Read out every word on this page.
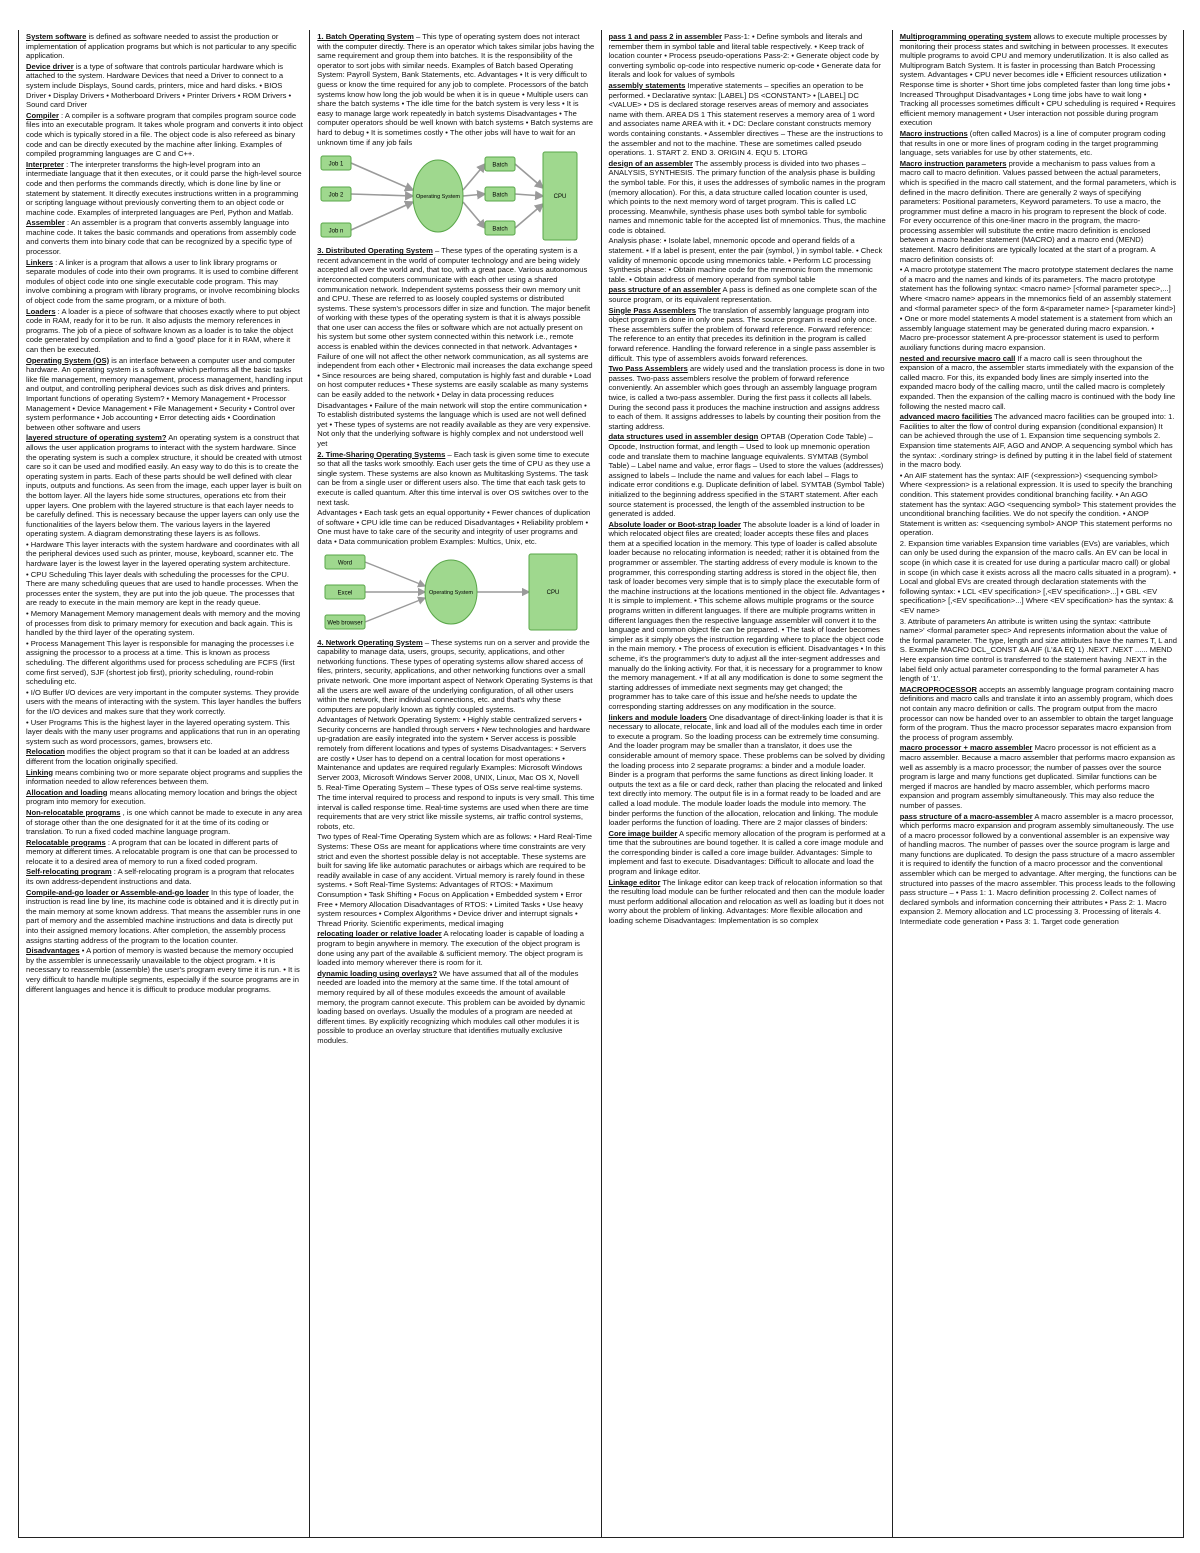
System software is defined as software needed to assist the production or implementation of application programs but which is not particular to any specific application.

Device driver is a type of software that controls particular hardware which is attached to the system. Hardware Devices that need a Driver to connect to a system include Displays, Sound cards, printers, mice and hard disks. • BIOS Driver • Display Drivers • Motherboard Drivers • Printer Drivers • ROM Drivers • Sound card Driver

Compiler : A compiler is a software program that compiles program source code files into an executable program. It takes whole program and converts it into object code which is typically stored in a file. The object code is also refereed as binary code and can be directly executed by the machine after linking. Examples of compiled programming languages are C and C++.

Interpreter : The interpreter transforms the high-level program into an intermediate language that it then executes, or it could parse the high-level source code and then performs the commands directly, which is done line by line or statement by statement. It directly executes instructions written in a programming or scripting language without previously converting them to an object code or machine code. Examples of interpreted languages are Perl, Python and Matlab.

Assembler : An assembler is a program that converts assembly language into machine code. It takes the basic commands and operations from assembly code and converts them into binary code that can be recognized by a specific type of processor.

Linkers : A linker is a program that allows a user to link library programs or separate modules of code into their own programs. It is used to combine different modules of object code into one single executable code program. This may involve combining a program with library programs, or involve recombining blocks of object code from the same program, or a mixture of both.

Loaders : A loader is a piece of software that chooses exactly where to put object code in RAM, ready for it to be run. It also adjusts the memory references in programs. The job of a piece of software known as a loader is to take the object code generated by compilation and to find a 'good' place for it in RAM, where it can then be executed.

Operating System (OS) is an interface between a computer user and computer hardware. An operating system is a software which performs all the basic tasks like file management, memory management, process management, handling input and output, and controlling peripheral devices such as disk drives and printers. Important functions of operating System? • Memory Management • Processor Management • Device Management • File Management • Security • Control over system performance • Job accounting • Error detecting aids • Coordination between other software and users

layered structure of operating system? An operating system is a construct that allows the user application programs to interact with the system hardware. Since the operating system is such a complex structure, it should be created with utmost care so it can be used and modified easily. An easy way to do this is to create the operating system in parts. Each of these parts should be well defined with clear inputs, outputs and functions. As seen from the image, each upper layer is built on the bottom layer. All the layers hide some structures, operations etc from their upper layers. One problem with the layered structure is that each layer needs to be carefully defined. This is necessary because the upper layers can only use the functionalities of the layers below them. The various layers in the layered operating system. A diagram demonstrating these layers is as follows.

• Hardware This layer interacts with the system hardware and coordinates with all the peripheral devices used such as printer, mouse, keyboard, scanner etc. The hardware layer is the lowest layer in the layered operating system architecture.

• CPU Scheduling This layer deals with scheduling the processes for the CPU. There are many scheduling queues that are used to handle processes. When the processes enter the system, they are put into the job queue. The processes that are ready to execute in the main memory are kept in the ready queue.

• Memory Management Memory management deals with memory and the moving of processes from disk to primary memory for execution and back again. This is handled by the third layer of the operating system.

• Process Management This layer is responsible for managing the processes i.e assigning the processor to a process at a time. This is known as process scheduling. The different algorithms used for process scheduling are FCFS (first come first served), SJF (shortest job first), priority scheduling, round-robin scheduling etc.

• I/O Buffer I/O devices are very important in the computer systems. They provide users with the means of interacting with the system. This layer handles the buffers for the I/O devices and makes sure that they work correctly.

• User Programs This is the highest layer in the layered operating system. This layer deals with the many user programs and applications that run in an operating system such as word processors, games, browsers etc.

Relocation modifies the object program so that it can be loaded at an address different from the location originally specified.

Linking means combining two or more separate object programs and supplies the information needed to allow references between them.

Allocation and loading means allocating memory location and brings the object program into memory for execution.

Non-relocatable programs , is one which cannot be made to execute in any area of storage other than the one designated for it at the time of its coding or translation. To run a fixed coded machine language program.

Relocatable programs : A program that can be located in different parts of memory at different times. A relocatable program is one that can be processed to relocate it to a desired area of memory to run a fixed coded program.

Self-relocating program : A self-relocating program is a program that relocates its own address-dependent instructions and data.

Compile-and-go loader or Assemble-and-go loader In this type of loader, the instruction is read line by line, its machine code is obtained and it is directly put in the main memory at some known address. That means the assembler runs in one part of memory and the assembled machine instructions and data is directly put into their assigned memory locations. After completion, the assembly process assigns starting address of the program to the location counter.

Disadvantages • A portion of memory is wasted because the memory occupied by the assembler is unnecessarily unavailable to the object program. • It is necessary to reassemble (assemble) the user's program every time it is run. • It is very difficult to handle multiple segments, especially if the source programs are in different languages and hence it is difficult to produce modular programs.

1. Batch Operating System – This type of operating system does not interact with the computer directly. There is an operator which takes similar jobs having the same requirement and group them into batches. It is the responsibility of the operator to sort jobs with similar needs. Examples of Batch based Operating System: Payroll System, Bank Statements, etc. Advantages • It is very difficult to guess or know the time required for any job to complete. Processors of the batch systems know how long the job would be when it is in queue • Multiple users can share the batch systems • The idle time for the batch system is very less • It is easy to manage large work repeatedly in batch systems Disadvantages • The computer operators should be well known with batch systems • Batch systems are hard to debug • It is sometimes costly • The other jobs will have to wait for an unknown time if any job fails

Job 1
Job 2
Job n
Operating System
Batch
Batch
Batch
CPU

3. Distributed Operating System – These types of the operating system is a recent advancement in the world of computer technology and are being widely accepted all over the world and, that too, with a great pace. Various autonomous interconnected computers communicate with each other using a shared communication network. Independent systems possess their own memory unit and CPU. These are referred to as loosely coupled systems or distributed systems. These system's processors differ in size and function. The major benefit of working with these types of the operating system is that it is always possible that one user can access the files or software which are not actually present on his system but some other system connected within this network i.e., remote access is enabled within the devices connected in that network. Advantages • Failure of one will not affect the other network communication, as all systems are independent from each other • Electronic mail increases the data exchange speed • Since resources are being shared, computation is highly fast and durable • Load on host computer reduces • These systems are easily scalable as many systems can be easily added to the network • Delay in data processing reduces

Disadvantages • Failure of the main network will stop the entire communication • To establish distributed systems the language which is used are not well defined yet • These types of systems are not readily available as they are very expensive. Not only that the underlying software is highly complex and not understood well yet

2. Time-Sharing Operating Systems – Each task is given some time to execute so that all the tasks work smoothly. Each user gets the time of CPU as they use a single system. These systems are also known as Multitasking Systems. The task can be from a single user or different users also. The time that each task gets to execute is called quantum. After this time interval is over OS switches over to the next task.

Advantages • Each task gets an equal opportunity • Fewer chances of duplication of software • CPU idle time can be reduced Disadvantages • Reliability problem • One must have to take care of the security and integrity of user programs and data • Data communication problem Examples: Multics, Unix, etc.

Word
Excel
Web browser
Operating System	CPU

4. Network Operating System – These systems run on a server and provide the capability to manage data, users, groups, security, applications, and other networking functions. These types of operating systems allow shared access of files, printers, security, applications, and other networking functions over a small private network. One more important aspect of Network Operating Systems is that all the users are well aware of the underlying configuration, of all other users within the network, their individual connections, etc. and that's why these computers are popularly known as tightly coupled systems.

Advantages of Network Operating System: • Highly stable centralized servers • Security concerns are handled through servers • New technologies and hardware up-gradation are easily integrated into the system • Server access is possible remotely from different locations and types of systems Disadvantages: • Servers are costly • User has to depend on a central location for most operations • Maintenance and updates are required regularly Examples: Microsoft Windows Server 2003, Microsoft Windows Server 2008, UNIX, Linux, Mac OS X, Novell

5. Real-Time Operating System – These types of OSs serve real-time systems. The time interval required to process and respond to inputs is very small. This time interval is called response time. Real-time systems are used when there are time requirements that are very strict like missile systems, air traffic control systems, robots, etc.

Two types of Real-Time Operating System which are as follows: • Hard Real-Time Systems: These OSs are meant for applications where time constraints are very strict and even the shortest possible delay is not acceptable. These systems are built for saving life like automatic parachutes or airbags which are required to be readily available in case of any accident. Virtual memory is rarely found in these systems. • Soft Real-Time Systems: Advantages of RTOS: • Maximum Consumption • Task Shifting • Focus on Application • Embedded system • Error Free • Memory Allocation Disadvantages of RTOS: • Limited Tasks • Use heavy system resources • Complex Algorithms • Device driver and interrupt signals • Thread Priority. Scientific experiments, medical imaging

relocating loader or relative loader A relocating loader is capable of loading a program to begin anywhere in memory. The execution of the object program is done using any part of the available & sufficient memory. The object program is loaded into memory wherever there is room for it.

dynamic loading using overlays? We have assumed that all of the modules needed are loaded into the memory at the same time. If the total amount of memory required by all of these modules exceeds the amount of available memory, the program cannot execute. This problem can be avoided by dynamic loading based on overlays. Usually the modules of a program are needed at different times. By explicitly recognizing which modules call other modules it is possible to produce an overlay structure that identifies mutually exclusive modules.

pass 1 and pass 2 in assembler Pass-1: • Define symbols and literals and remember them in symbol table and literal table respectively. • Keep track of location counter • Process pseudo-operations Pass-2: • Generate object code by converting symbolic op-code into respective numeric op-code • Generate data for literals and look for values of symbols

assembly statements Imperative statements – specifies an operation to be performed. • Declarative syntax: [LABEL] DS <CONSTANT> • [LABEL] DC <VALUE> • DS is declared storage reserves areas of memory and associates name with them. AREA DS 1 This statement reserves a memory area of 1 word and associates name AREA with it. • DC: Declare constant constructs memory words containing constants. • Assembler directives – These are the instructions to the assembler and not to the machine. These are sometimes called pseudo operations. 1. START 2. END 3. ORIGIN 4. EQU 5. LTORG

design of an assembler The assembly process is divided into two phases – ANALYSIS, SYNTHESIS. The primary function of the analysis phase is building the symbol table. For this, it uses the addresses of symbolic names in the program (memory allocation). For this, a data structure called location counter is used, which points to the next memory word of target program. This is called LC processing. Meanwhile, synthesis phase uses both symbol table for symbolic names and mnemonic table for the accepted list of mnemonics. Thus, the machine code is obtained.

Analysis phase: • Isolate label, mnemonic opcode and operand fields of a statement. • If a label is present, enter the pair (symbol, ) in symbol table. • Check validity of mnemonic opcode using mnemonics table. • Perform LC processing Synthesis phase: • Obtain machine code for the mnemonic from the mnemonic table. • Obtain address of memory operand from symbol table

pass structure of an assembler A pass is defined as one complete scan of the source program, or its equivalent representation.

Single Pass Assemblers The translation of assembly language program into object program is done in only one pass. The source program is read only once. These assemblers suffer the problem of forward reference. Forward reference: The reference to an entity that precedes its definition in the program is called forward reference. Handling the forward reference in a single pass assembler is difficult. This type of assemblers avoids forward references.

Two Pass Assemblers are widely used and the translation process is done in two passes. Two-pass assemblers resolve the problem of forward reference conveniently. An assembler which goes through an assembly language program twice, is called a two-pass assembler. During the first pass it collects all labels. During the second pass it produces the machine instruction and assigns address to each of them. It assigns addresses to labels by counting their position from the starting address.

data structures used in assembler design OPTAB (Operation Code Table) – Opcode, Instruction format, and length – Used to look up mnemonic operation code and translate them to machine language equivalents. SYMTAB (Symbol Table) – Label name and value, error flags – Used to store the values (addresses) assigned to labels – Include the name and values for each label – Flags to indicate error conditions e.g. Duplicate definition of label. SYMTAB (Symbol Table) initialized to the beginning address specified in the START statement. After each source statement is processed, the length of the assembled instruction to be generated is added.

Absolute loader or Boot-strap loader The absolute loader is a kind of loader in which relocated object files are created; loader accepts these files and places them at a specified location in the memory. This type of loader is called absolute loader because no relocating information is needed; rather it is obtained from the programmer or assembler. The starting address of every module is known to the programmer, this corresponding starting address is stored in the object file, then task of loader becomes very simple that is to simply place the executable form of the machine instructions at the locations mentioned in the object file. Advantages • It is simple to implement. • This scheme allows multiple programs or the source programs written in different languages. If there are multiple programs written in different languages then the respective language assembler will convert it to the language and common object file can be prepared. • The task of loader becomes simpler as it simply obeys the instruction regarding where to place the object code in the main memory. • The process of execution is efficient. Disadvantages • In this scheme, it's the programmer's duty to adjust all the inter-segment addresses and manually do the linking activity. For that, it is necessary for a programmer to know the memory management. • If at all any modification is done to some segment the starting addresses of immediate next segments may get changed; the programmer has to take care of this issue and he/she needs to update the corresponding starting addresses on any modification in the source.

linkers and module loaders One disadvantage of direct-linking loader is that it is necessary to allocate, relocate, link and load all of the modules each time in order to execute a program. So the loading process can be extremely time consuming. And the loader program may be smaller than a translator, it does use the considerable amount of memory space. These problems can be solved by dividing the loading process into 2 separate programs: a binder and a module loader. Binder is a program that performs the same functions as direct linking loader. It outputs the text as a file or card deck, rather than placing the relocated and linked text directly into memory. The output file is in a format ready to be loaded and are called a load module. The module loader loads the module into memory. The binder performs the function of the allocation, relocation and linking. The module loader performs the function of loading. There are 2 major classes of binders:

Core image builder A specific memory allocation of the program is performed at a time that the subroutines are bound together. It is called a core image module and the corresponding binder is called a core image builder. Advantages: Simple to implement and fast to execute. Disadvantages: Difficult to allocate and load the program and linkage editor.

Linkage editor The linkage editor can keep track of relocation information so that the resulting load module can be further relocated and then can the module loader must perform additional allocation and relocation as well as loading but it does not worry about the problem of linking. Advantages: More flexible allocation and loading scheme Disadvantages: Implementation is so complex

Multiprogramming operating system allows to execute multiple processes by monitoring their process states and switching in between processes. It executes multiple programs to avoid CPU and memory underutilization. It is also called as Multiprogram Batch System. It is faster in processing than Batch Processing system. Advantages • CPU never becomes idle • Efficient resources utilization • Response time is shorter • Short time jobs completed faster than long time jobs • Increased Throughput Disadvantages • Long time jobs have to wait long • Tracking all processes sometimes difficult • CPU scheduling is required • Requires efficient memory management • User interaction not possible during program execution

Macro instructions (often called Macros) is a line of computer program coding that results in one or more lines of program coding in the target programming language, sets variables for use by other statements, etc.

Macro instruction parameters provide a mechanism to pass values from a macro call to macro definition. Values passed between the actual parameters, which is specified in the macro call statement, and the formal parameters, which is defined in the macro definition. There are generally 2 ways of specifying parameters: Positional parameters, Keyword parameters. To use a macro, the programmer must define a macro in his program to represent the block of code. For every occurrence of this one-liner macro in the program, the macro-processing assembler will substitute the entire macro definition is enclosed between a macro header statement (MACRO) and a macro end (MEND) statement. Macro definitions are typically located at the start of a program. A macro definition consists of:

• A macro prototype statement The macro prototype statement declares the name of a macro and the names and kinds of its parameters. The macro prototype statement has the following syntax: <macro name> [<formal parameter spec>,...] Where <macro name> appears in the mnemonics field of an assembly statement and <formal parameter spec> of the form &<parameter name> [<parameter kind>]

• One or more model statements A model statement is a statement from which an assembly language statement may be generated during macro expansion. • Macro pre-processor statement A pre-processor statement is used to perform auxiliary functions during macro expansion.

nested and recursive macro call If a macro call is seen throughout the expansion of a macro, the assembler starts immediately with the expansion of the called macro. For this, its expanded body lines are simply inserted into the expanded macro body of the calling macro, until the called macro is completely expanded. Then the expansion of the calling macro is continued with the body line following the nested macro call.

advanced macro facilities The advanced macro facilities can be grouped into: 1. Facilities to alter the flow of control during expansion (conditional expansion) It can be achieved through the use of 1. Expansion time sequencing symbols 2. Expansion time statements AIF, AGO and ANOP. A sequencing symbol which has the syntax: .<ordinary string> is defined by putting it in the label field of statement in the macro body.

• An AIF statement has the syntax: AIF (<expression>) <sequencing symbol> Where <expression> is a relational expression. It is used to specify the branching condition. This statement provides conditional branching facility. • An AGO statement has the syntax: AGO <sequencing symbol> This statement provides the unconditional branching facilities. We do not specify the condition. • ANOP Statement is written as: <sequencing symbol> ANOP This statement performs no operation.

2. Expansion time variables Expansion time variables (EVs) are variables, which can only be used during the expansion of the macro calls. An EV can be local in scope (in which case it is created for use during a particular macro call) or global in scope (in which case it exists across all the macro calls situated in a program). • Local and global EVs are created through declaration statements with the following syntax: • LCL <EV specification> [,<EV specification>...] • GBL <EV specification> [,<EV specification>...] Where <EV specification> has the syntax: &<EV name>

3. Attribute of parameters An attribute is written using the syntax: <attribute name>' <formal parameter spec> And represents information about the value of the formal parameter. The type, length and size attributes have the names T, L and S. Example MACRO DCL_CONST &A AIF (L'&A EQ 1) .NEXT .NEXT ...... MEND Here expansion time control is transferred to the statement having .NEXT in the label field only actual parameter corresponding to the formal parameter A has length of '1'.

MACROPROCESSOR accepts an assembly language program containing macro definitions and macro calls and translate it into an assembly program, which does not contain any macro definition or calls. The program output from the macro processor can now be handed over to an assembler to obtain the target language form of the program. Thus the macro processor separates macro expansion from the process of program assembly.

macro processor + macro assembler Macro processor is not efficient as a macro assembler. Because a macro assembler that performs macro expansion as well as assembly is a macro processor; the number of passes over the source program is large and many functions get duplicated. Similar functions can be merged if macros are handled by macro assembler, which performs macro expansion and program assembly simultaneously. This may also reduce the number of passes.

pass structure of a macro-assembler A macro assembler is a macro processor, which performs macro expansion and program assembly simultaneously. The use of a macro processor followed by a conventional assembler is an expensive way of handling macros. The number of passes over the source program is large and many functions are duplicated. To design the pass structure of a macro assembler it is required to identify the function of a macro processor and the conventional assembler which can be merged to advantage. After merging, the functions can be structured into passes of the macro assembler. This process leads to the following pass structure – • Pass 1: 1. Macro definition processing 2. Collect names of declared symbols and information concerning their attributes • Pass 2: 1. Macro expansion 2. Memory allocation and LC processing 3. Processing of literals 4. Intermediate code generation • Pass 3: 1. Target code generation
